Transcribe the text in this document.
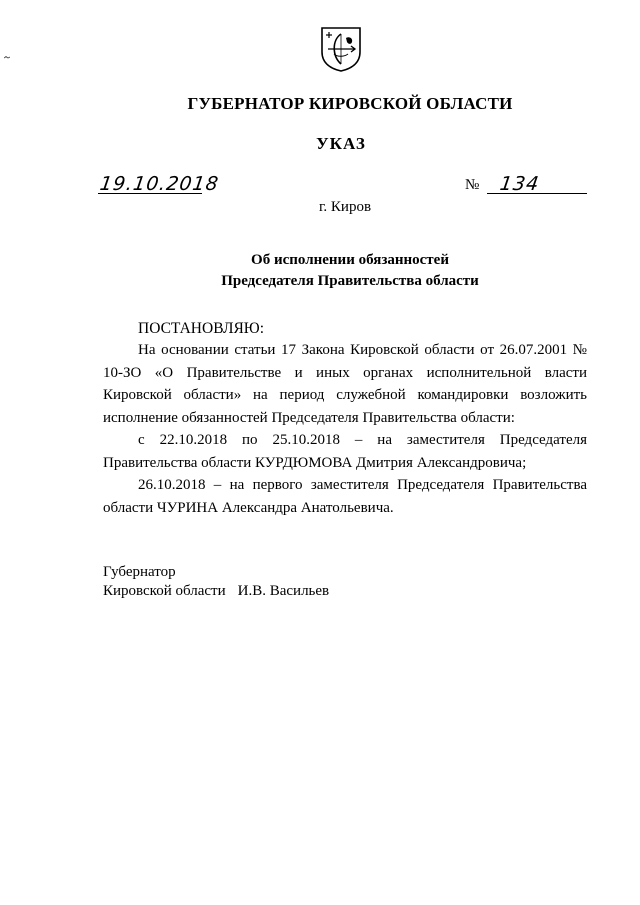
ГУБЕРНАТОР КИРОВСКОЙ ОБЛАСТИ
УКАЗ
19.10.2018	№ 134
г. Киров
Об исполнении обязанностей
Председателя Правительства области
ПОСТАНОВЛЯЮ:

На основании статьи 17 Закона Кировской области от 26.07.2001 № 10-ЗО «О Правительстве и иных органах исполнительной власти Кировской области» на период служебной командировки возложить исполнение обязанностей Председателя Правительства области:

с 22.10.2018 по 25.10.2018 – на заместителя Председателя Правительства области КУРДЮМОВА Дмитрия Александровича;

26.10.2018 – на первого заместителя Председателя Правительства области ЧУРИНА Александра Анатольевича.

Губернатор
Кировской области И.В. Васильев
